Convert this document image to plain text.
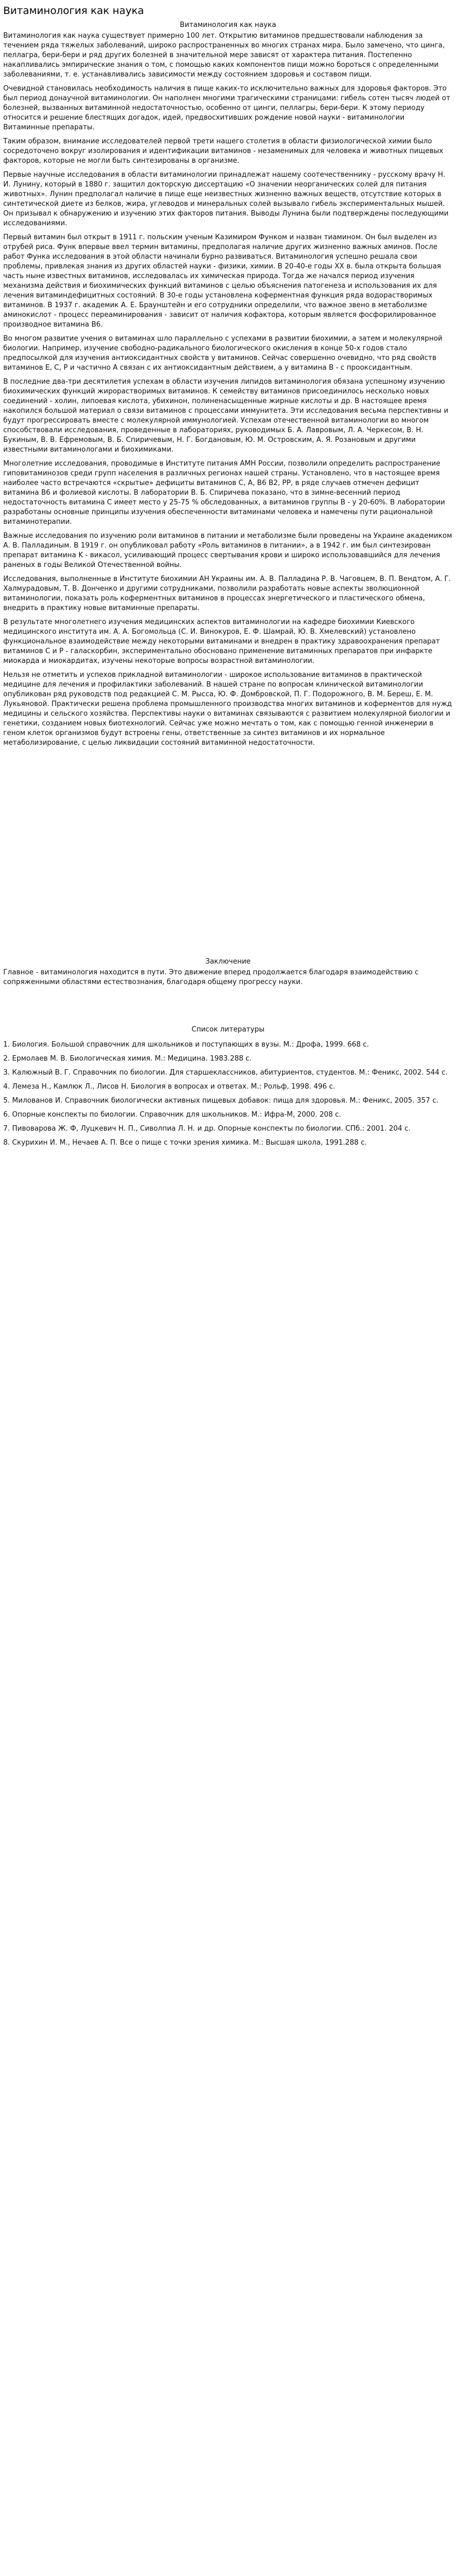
Витаминология как наука
Витаминология как наука

Витаминология как наука существует примерно 100 лет. Открытию витаминов предшествовали наблюдения за течением ряда тяжелых заболеваний, широко распространенных во многих странах мира. Было замечено, что цинга, пеллагра, бери-бери и ряд других болезней в значительной мере зависят от характера питания. Постепенно накапливались эмпирические знания о том, с помощью каких компонентов пищи можно бороться с определенными заболеваниями, т. е. устанавливались зависимости между состоянием здоровья и составом пищи.

Очевидной становилась необходимость наличия в пище каких-то исключительно важных для здоровья факторов. Это был период донаучной витаминологии. Он наполнен многими трагическими страницами: гибель сотен тысяч людей от болезней, вызванных витаминной недостаточностью, особенно от цинги, пеллагры, бери-бери. К этому периоду относится и решение блестящих догадок, идей, предвосхитивших рождение новой науки - витаминологии Витаминные препараты.

Таким образом, внимание исследователей первой трети нашего столетия в области физиологической химии было сосредоточено вокруг изолирования и идентификации витаминов - незаменимых для человека и животных пищевых факторов, которые не могли быть синтезированы в организме.

Первые научные исследования в области витаминологии принадлежат нашему соотечественнику - русскому врачу Н. И. Лунину, который в 1880 г. защитил докторскую диссертацию «О значении неорганических солей для питания животных». Лунин предполагал наличие в пище еще неизвестных жизненно важных веществ, отсутствие которых в синтетической диете из белков, жира, углеводов и минеральных солей вызывало гибель экспериментальных мышей. Он призывал к обнаружению и изучению этих факторов питания. Выводы Лунина были подтверждены последующими исследованиями.

Первый витамин был открыт в 1911 г. польским ученым Казимиром Функом и назван тиамином. Он был выделен из отрубей риса. Функ впервые ввел термин витамины, предполагая наличие других жизненно важных аминов. После работ Функа исследования в этой области начинали бурно развиваться. Витаминология успешно решала свои проблемы, привлекая знания из других областей науки - физики, химии. В 20-40-е годы XX в. была открыта большая часть ныне известных витаминов, исследовалась их химическая природа. Тогда же начался период изучения механизма действия и биохимических функций витаминов с целью объяснения патогенеза и использования их для лечения витаминдефицитных состояний. В 30-е годы установлена коферментная функция ряда водорастворимых витаминов. В 1937 г. академик А. Е. Браунштейн и его сотрудники определили, что важное звено в метаболизме аминокислот - процесс переаминирования - зависит от наличия кофактора, которым является фосфорилированное производное витамина B6.

Во многом развитие учения о витаминах шло параллельно с успехами в развитии биохимии, а затем и молекулярной биологии. Например, изучение свободно-радикального биологического окисления в конце 50-х годов стало предпосылкой для изучения антиоксидантных свойств у витаминов. Сейчас совершенно очевидно, что ряд свойств витаминов E, C, P и частично A связан с их антиоксидантным действием, а у витамина B - с прооксидантным.

В последние два-три десятилетия успехам в области изучения липидов витаминология обязана успешному изучению биохимических функций жирорастворимых витаминов. К семейству витаминов присоединилось несколько новых соединений - холин, липоевая кислота, убихинон, полиненасыщенные жирные кислоты и др. В настоящее время накопился большой материал о связи витаминов с процессами иммунитета. Эти исследования весьма перспективны и будут прогрессировать вместе с молекулярной иммунологией. Успехам отечественной витаминологии во многом способствовали исследования, проведенные в лабораториях, руководимых Б. А. Лавровым, Л. А. Черкесом, В. Н. Букиным, В. В. Ефремовым, В. Б. Спиричевым, Н. Г. Богдановым, Ю. М. Островским, А. Я. Розановым и другими известными витаминологами и биохимиками.

Многолетние исследования, проводимые в Институте питания АМН России, позволили определить распространение гиповитаминозов среди групп населения в различных регионах нашей страны. Установлено, что в настоящее время наиболее часто встречаются «скрытые» дефициты витаминов C, A, B6 B2, PP, в ряде случаев отмечен дефицит витамина B6 и фолиевой кислоты. В лаборатории В. Б. Спиричева показано, что в зимне-весенний период недостаточность витамина C имеет место у 25-75 % обследованных, а витаминов группы B - у 20-60%. В лаборатории разработаны основные принципы изучения обеспеченности витаминами человека и намечены пути рациональной витаминотерапии.

Важные исследования по изучению роли витаминов в питании и метаболизме были проведены на Украине академиком А. В. Палладиным. В 1919 г. он опубликовал работу «Роль витаминов в питании», а в 1942 г. им был синтезирован препарат витамина K - викасол, усиливающий процесс свертывания крови и широко использовавшийся для лечения раненых в годы Великой Отечественной войны.

Исследования, выполненные в Институте биохимии АН Украины им. А. В. Палладина Р. В. Чаговцем, В. П. Вендтом, А. Г. Халмурадовым, Т. В. Донченко и другими сотрудниками, позволили разработать новые аспекты зволюционной витаминологии, показать роль коферментных витаминов в процессах энергетического и пластического обмена, внедрить в практику новые витаминные препараты.

В результате многолетнего изучения медицинских аспектов витаминологии на кафедре биохимии Киевского медицинского института им. А. А. Богомольца (С. И. Винокуров, Е. Ф. Шамрай, Ю. В. Хмелевский) установлено функциональное взаимодействие между некоторыми витаминами и внедрен в практику здравоохранения препарат витаминов C и P - галаскорбин, экспериментально обосновано применение витаминных препаратов при инфаркте миокарда и миокардитах, изучены некоторые вопросы возрастной витаминологии.

Нельзя не отметить и успехов прикладной витаминологии - широкое использование витаминов в практической медицине для лечения и профилактики заболеваний. В нашей стране по вопросам клинической витаминологии опубликован ряд руководств под редакцией С. М. Рысса, Ю. Ф. Домбровской, П. Г. Подорожного, В. М. Береш, Е. М. Лукьяновой. Практически решена проблема промышленного производства многих витаминов и коферментов для нужд медицины и сельского хозяйства. Перспективы науки о витаминах связываются с развитием молекулярной биологии и генетики, созданием новых биотехнологий. Сейчас уже можно мечтать о том, как с помощью генной инженерии в геном клеток организмов будут встроены гены, ответственные за синтез витаминов и их нормальное метаболизирование, с целью ликвидации состояний витаминной недостаточности.

Заключение

Главное - витаминология находится в пути. Это движение вперед продолжается благодаря взаимодействию с сопряженными областями естествознания, благодаря общему прогрессу науки.

Список литературы
1. Биология. Большой справочник для школьников и поступающих в вузы. М.: Дрофа, 1999. 668 с.
2. Ермолаев М. В. Биологическая химия. М.: Медицина. 1983.288 с.
3. Калюжный В. Г. Справочник по биологии. Для старшеклассников, абитуриентов, студентов. М.: Феникс, 2002. 544 с.
4. Лемеза Н., Камлюк Л., Лисов Н. Биология в вопросах и ответах. М.: Рольф, 1998. 496 с.
5. Милованов И. Справочник биологически активных пищевых добавок: пища для здоровья. М.: Феникс, 2005. 357 с.
6. Опорные конспекты по биологии. Справочник для школьников. М.: Ифра-М, 2000. 208 с.
7. Пивоварова Ж. Ф, Луцкевич Н. П., Сиволпиа Л. Н. и др. Опорные конспекты по биологии. СПб.: 2001. 204 с.
8. Скурихин И. М., Нечаев А. П. Все о пище с точки зрения химика. М.: Высшая школа, 1991.288 с.
